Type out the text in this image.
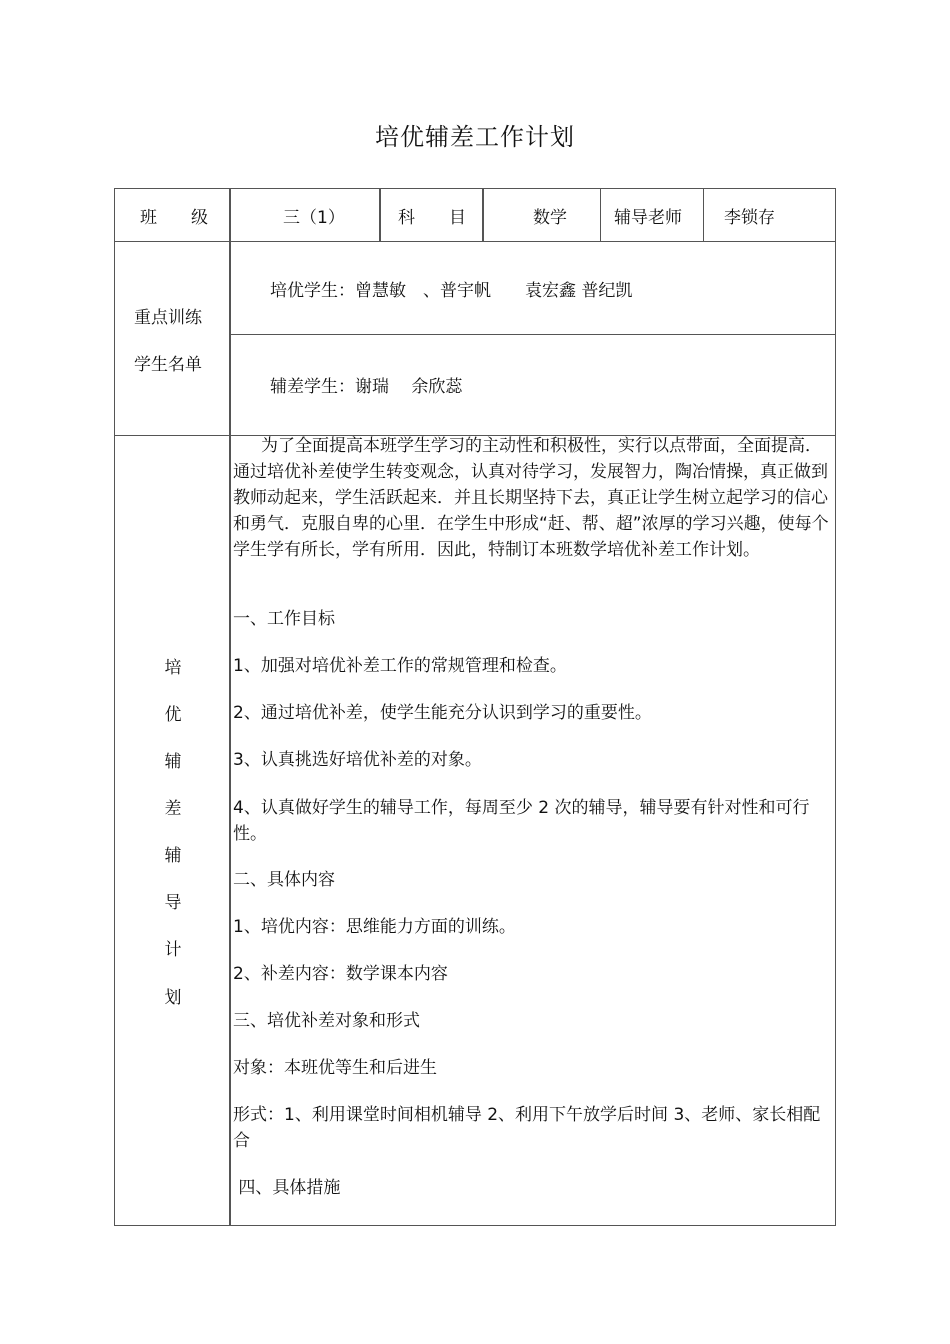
培优辅差工作计划
班　　级	三（1）	科　　目	数学	辅导老师 李锁存
重点训练
学生名单
培优学生：曾慧敏　、普宇帆　　袁宏鑫 普纪凯
辅差学生：谢瑞　 余欣蕊
培
优
辅
差
辅
导
计
划

为了全面提高本班学生学习的主动性和积极性，实行以点带面，全面提高．通过培优补差使学生转变观念，认真对待学习，发展智力，陶冶情操，真正做到教师动起来，学生活跃起来．并且长期坚持下去，真正让学生树立起学习的信心和勇气．克服自卑的心里．在学生中形成“赶、帮、超”浓厚的学习兴趣，使每个学生学有所长，学有所用．因此，特制订本班数学培优补差工作计划。

一、工作目标

1、加强对培优补差工作的常规管理和检查。

2、通过培优补差，使学生能充分认识到学习的重要性。

3、认真挑选好培优补差的对象。

4、认真做好学生的辅导工作，每周至少 2 次的辅导，辅导要有针对性和可行性。

二、具体内容

1、培优内容：思维能力方面的训练。

2、补差内容：数学课本内容

三、培优补差对象和形式

对象：本班优等生和后进生

形式：1、利用课堂时间相机辅导 2、利用下午放学后时间 3、老师、家长相配合

四、具体措施
